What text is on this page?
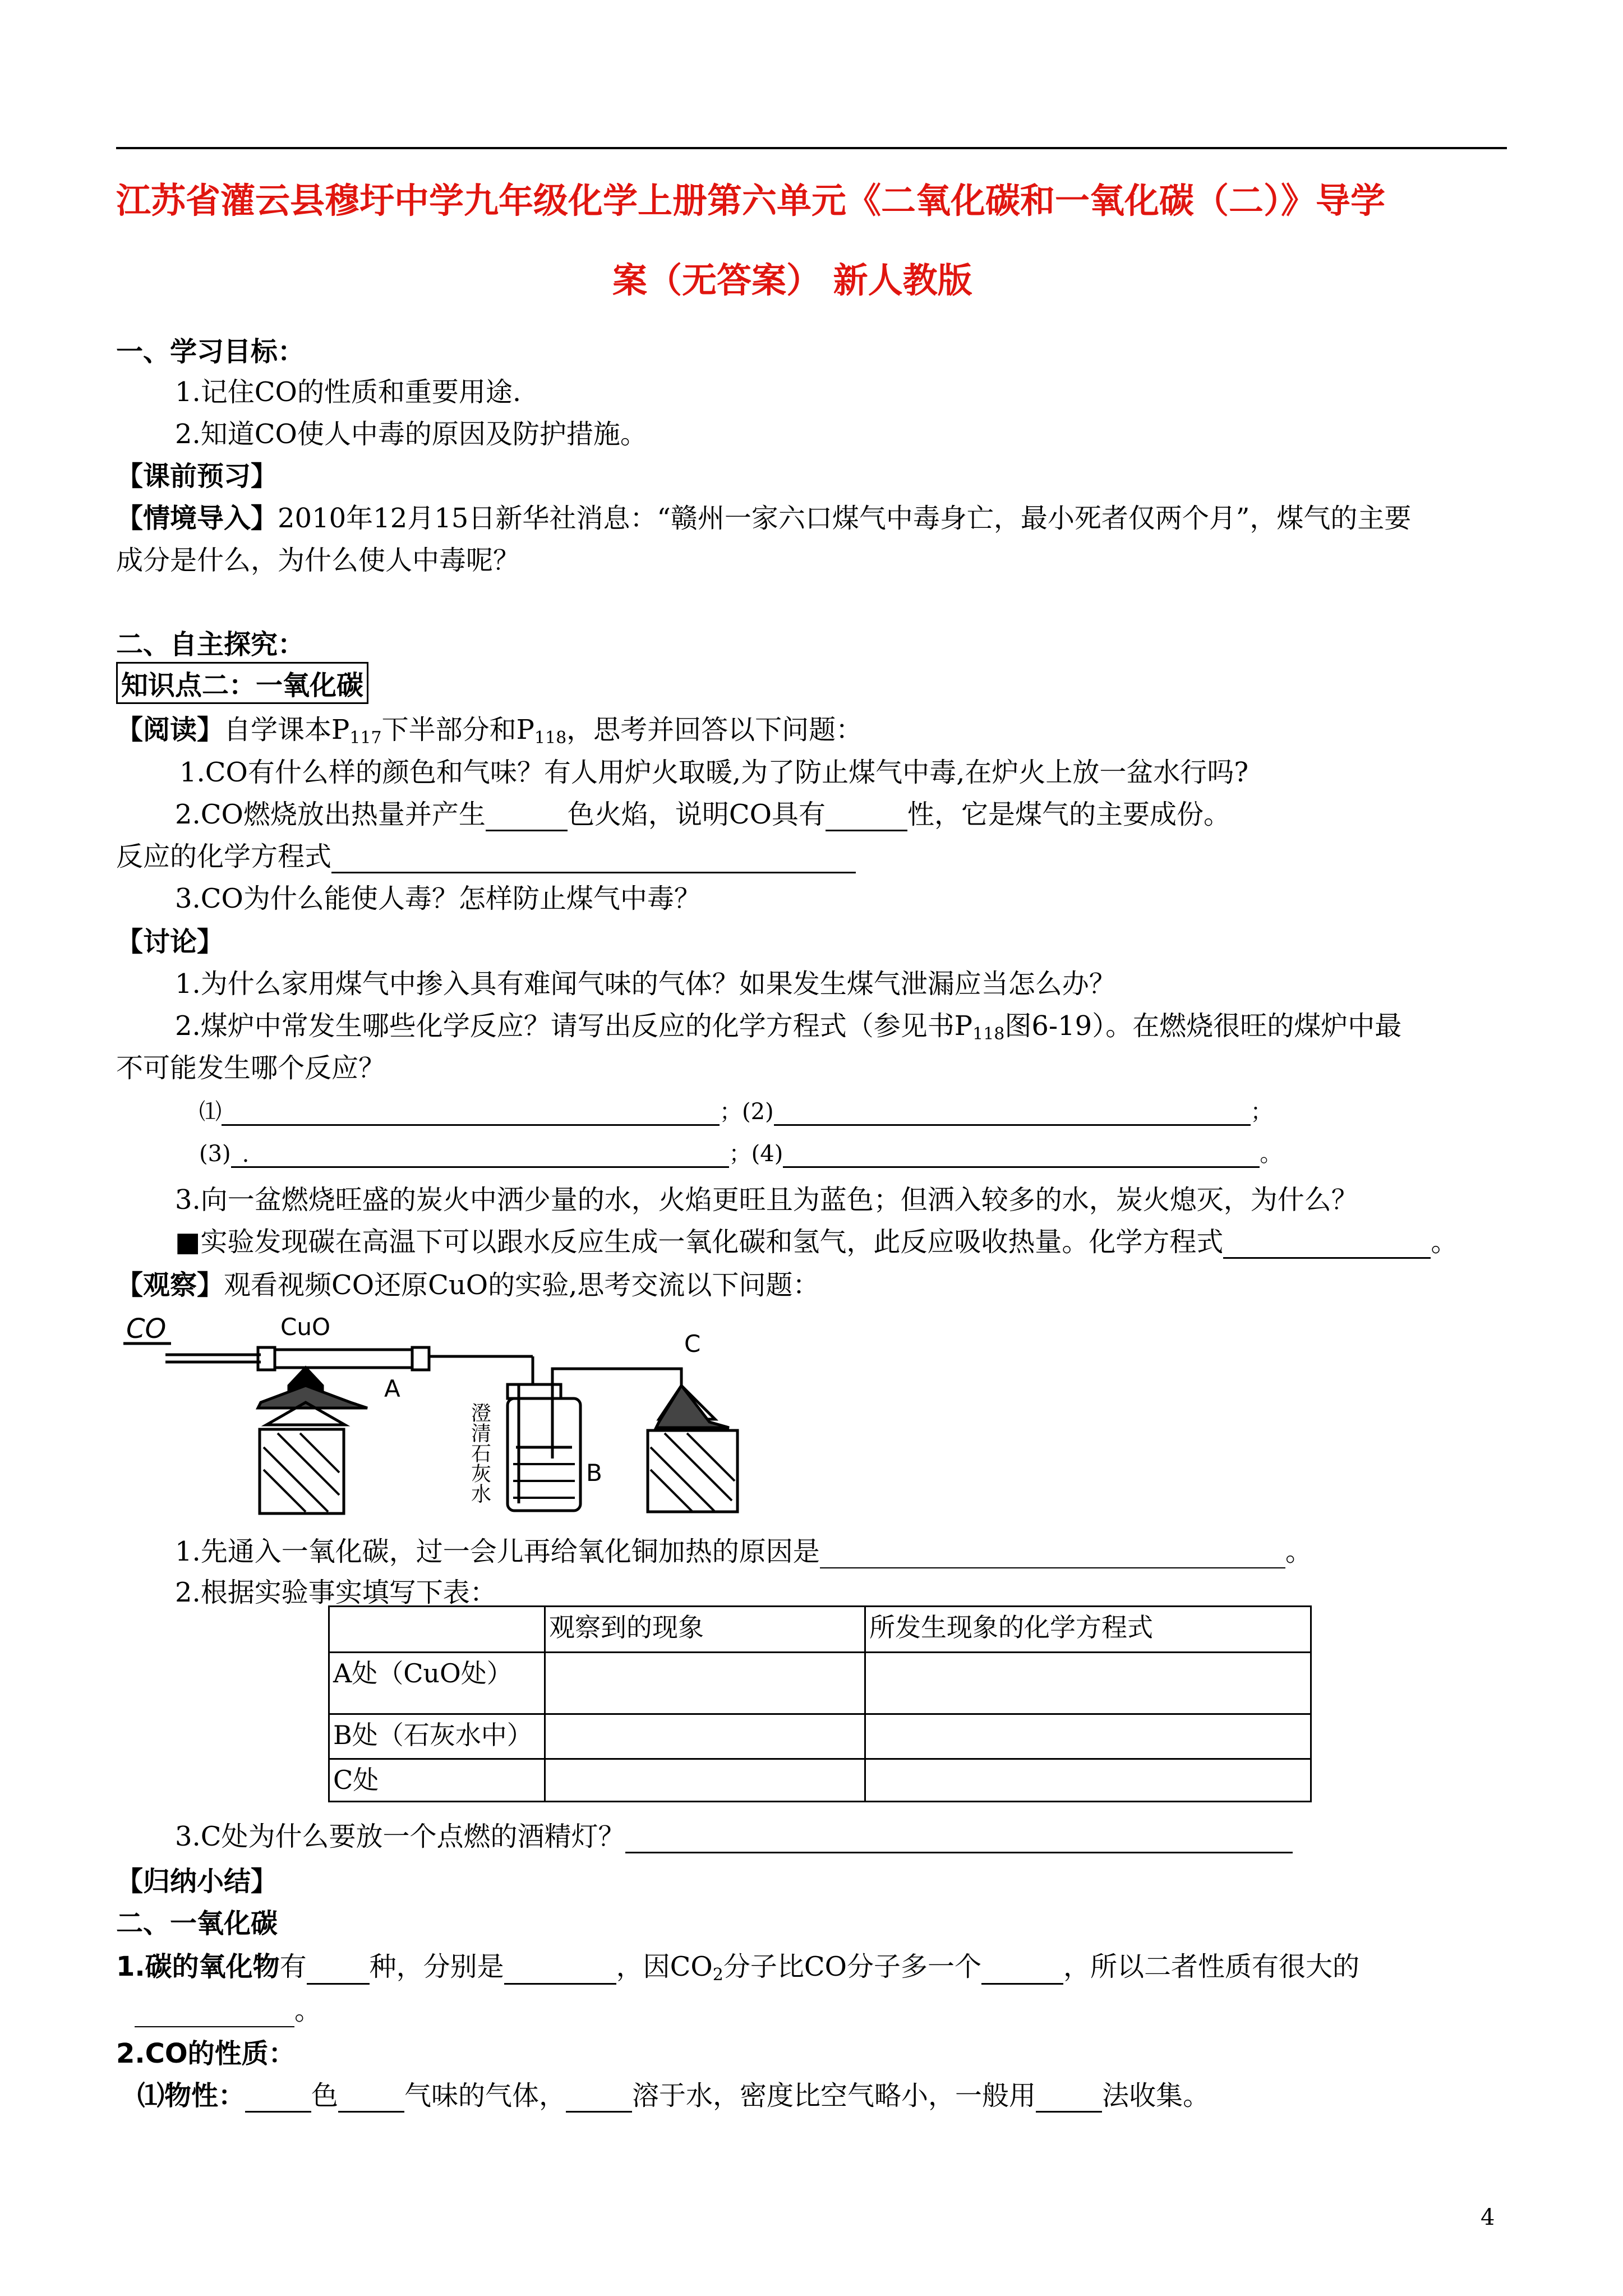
江苏省灌云县穆圩中学九年级化学上册第六单元《二氧化碳和一氧化碳（二）》导学
案（无答案） 新人教版
一、学习目标：
1.记住CO的性质和重要用途.
2.知道CO使人中毒的原因及防护措施。
【课前预习】
【情境导入】2010年12月15日新华社消息：“赣州一家六口煤气中毒身亡，最小死者仅两个月”，煤气的主要
成分是什么，为什么使人中毒呢？
二、自主探究：
知识点二：一氧化碳
【阅读】自学课本$P_{117}$下半部分和$P_{118}$，思考并回答以下问题：
1.CO有什么样的颜色和气味？有人用炉火取暖,为了防止煤气中毒,在炉火上放一盆水行吗?
2.CO燃烧放出热量并产生	色火焰，说明CO具有	性，它是煤气的主要成份。
反应的化学方程式
3.CO为什么能使人毒？怎样防止煤气中毒？
【讨论】
1.为什么家用煤气中掺入具有难闻气味的气体？如果发生煤气泄漏应当怎么办？
2.煤炉中常发生哪些化学反应？请写出反应的化学方程式（参见书$P_{118}$图6-19）。在燃烧很旺的煤炉中最
不可能发生哪个反应？
⑴	；(2)	；
(3) .	；(4)	。
3.向一盆燃烧旺盛的炭火中洒少量的水，火焰更旺且为蓝色；但洒入较多的水，炭火熄灭，为什么？
■实验发现碳在高温下可以跟水反应生成一氧化碳和氢气，此反应吸收热量。化学方程式	。
【观察】观看视频CO还原CuO的实验,思考交流以下问题：
CO	CuO
A
B
C
澄清石灰水
1.先通入一氧化碳，过一会儿再给氧化铜加热的原因是	。
2.根据实验事实填写下表：
	观察到的现象	所发生现象的化学方程式
A处（CuO处）		
B处（石灰水中）		
C处		
3.C处为什么要放一个点燃的酒精灯？
【归纳小结】
二、一氧化碳
1.碳的氧化物有 种，分别是	，因$CO_2$分子比CO分子多一个	，所以二者性质有很大的
。
2.CO的性质：
⑴物性： 色 气味的气体， 溶于水，密度比空气略小，一般用 法收集。
4
